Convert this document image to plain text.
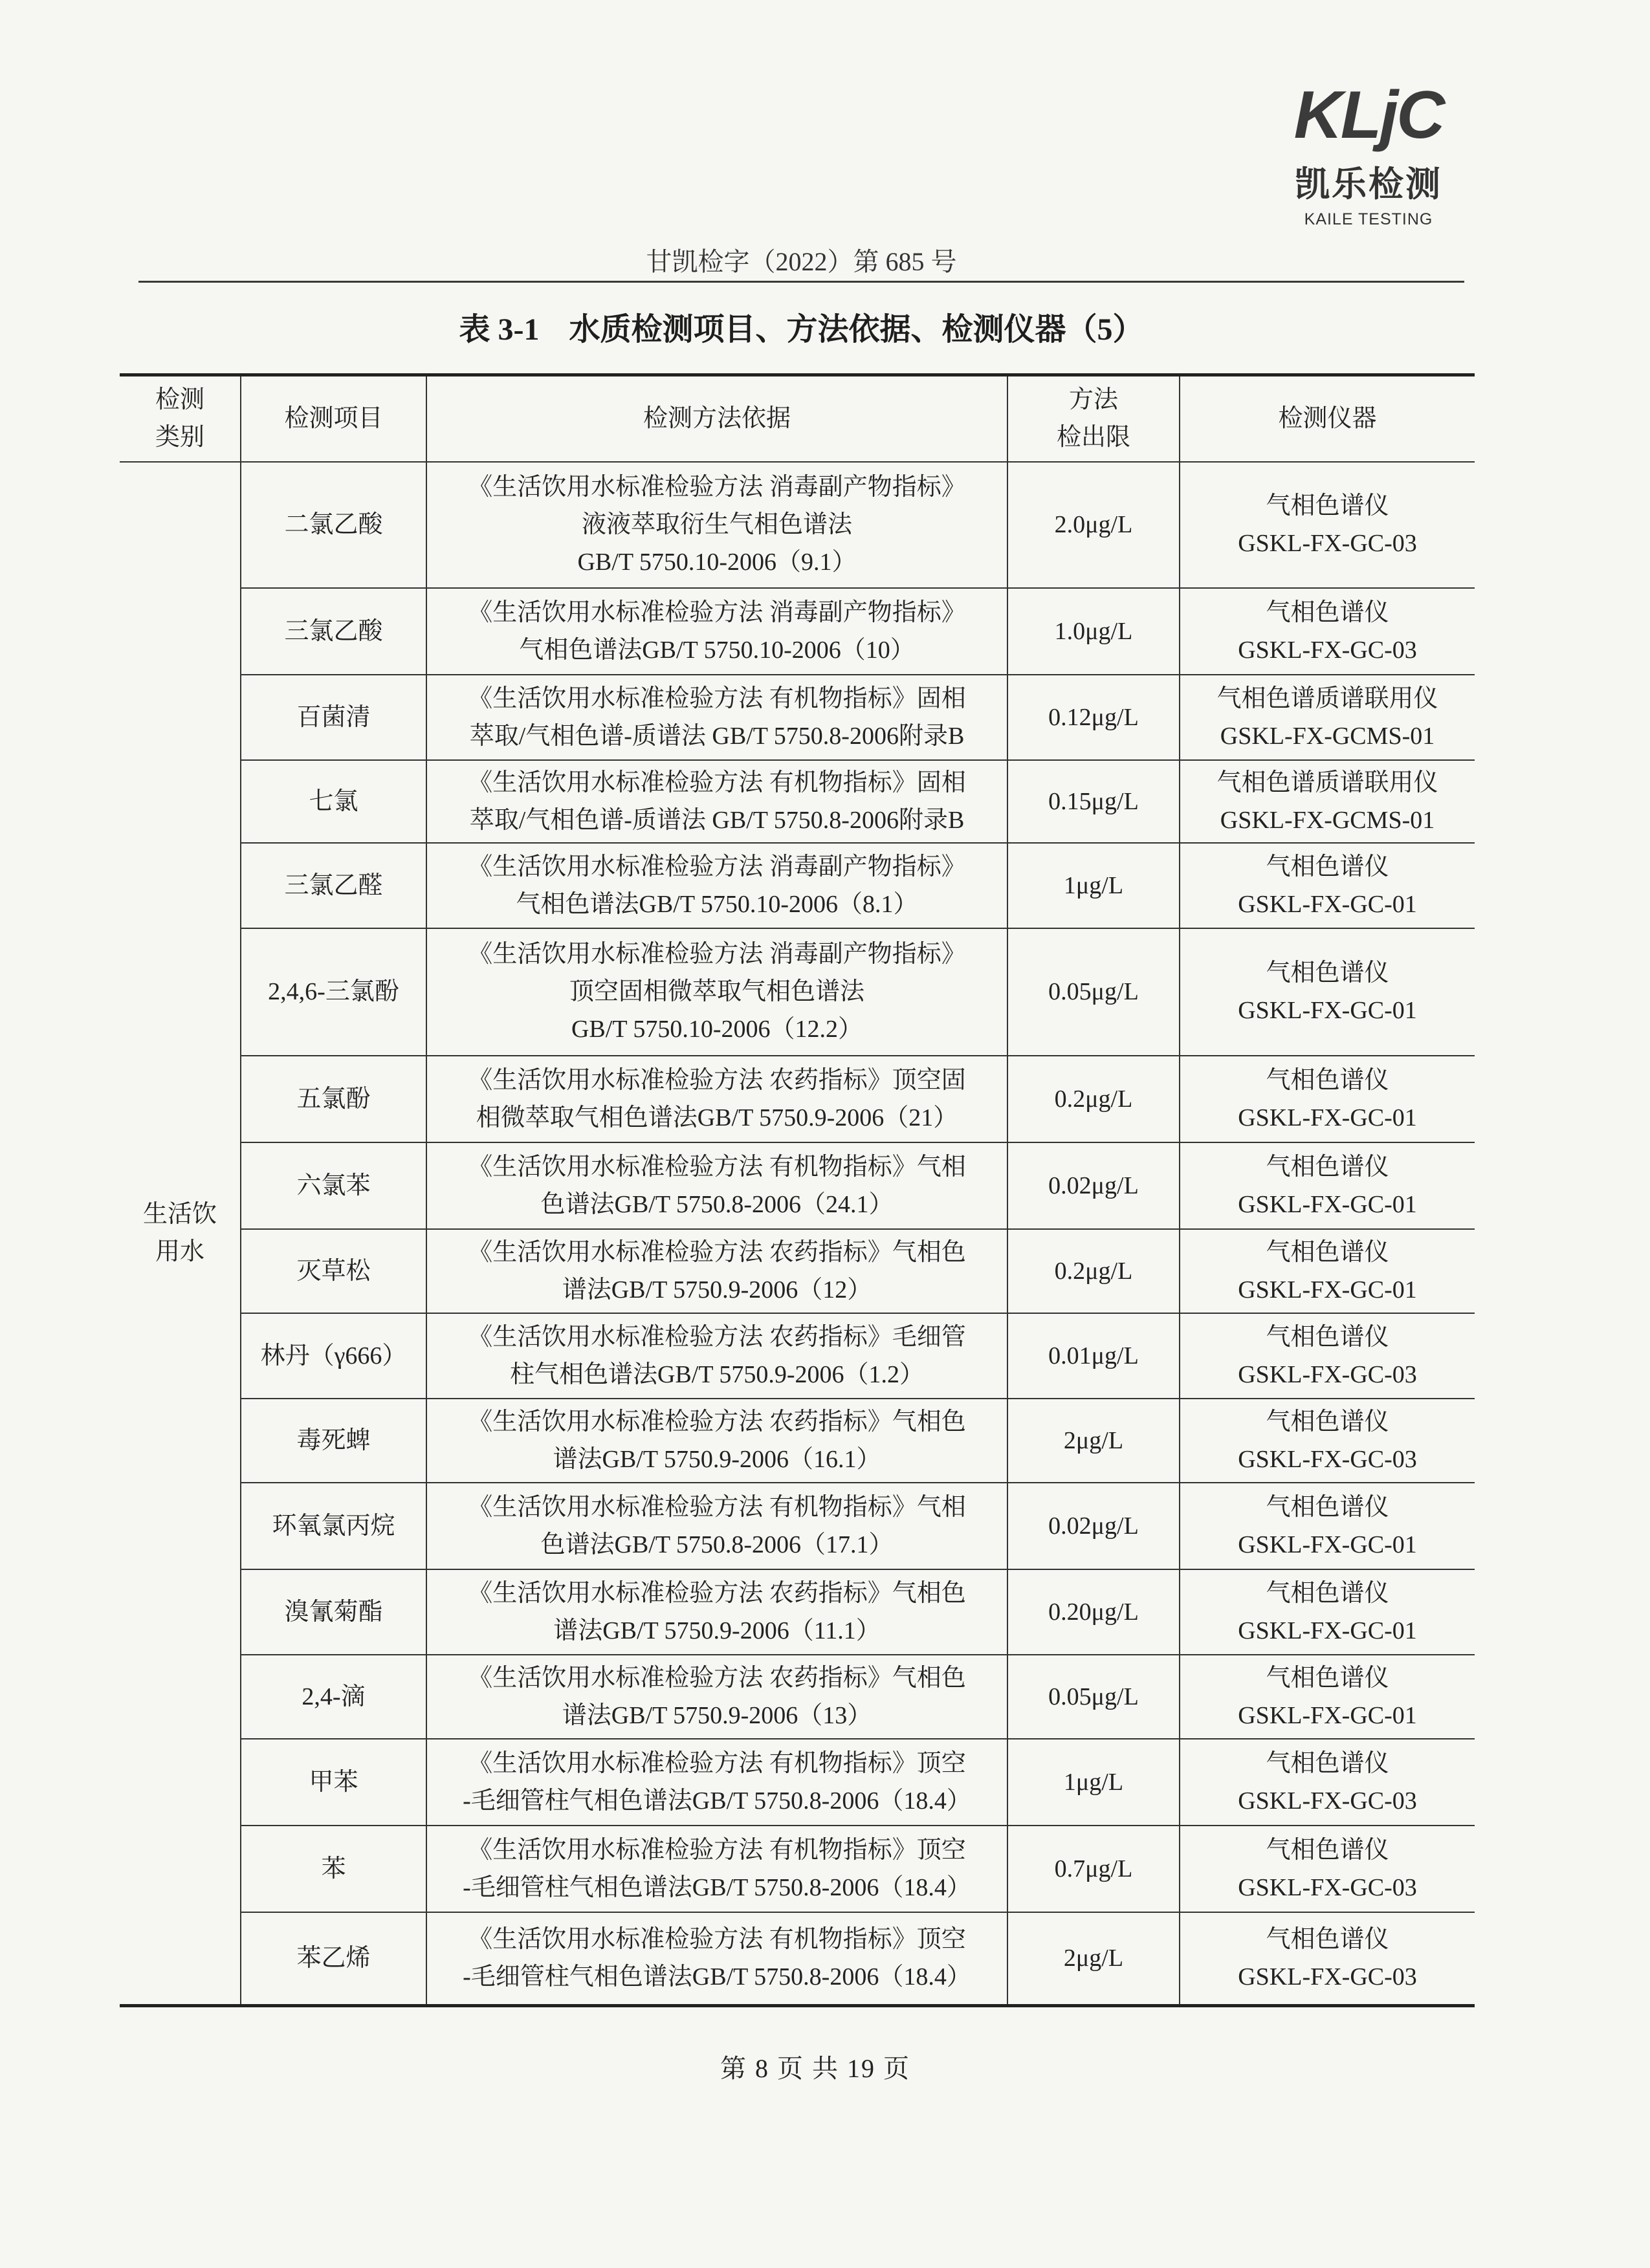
KLjC
凯乐检测
KAILE TESTING
甘凯检字（2022）第 685 号
表 3-1 水质检测项目、方法依据、检测仪器（5）
检测
类别	检测项目	检测方法依据	方法
检出限	检测仪器

生活饮
用水	二氯乙酸	《生活饮用水标准检验方法 消毒副产物指标》
液液萃取衍生气相色谱法
GB/T 5750.10-2006（9.1）	2.0μg/L	气相色谱仪
GSKL-FX-GC-03

	三氯乙酸	《生活饮用水标准检验方法 消毒副产物指标》
气相色谱法GB/T 5750.10-2006（10）	1.0μg/L	气相色谱仪
GSKL-FX-GC-03

	百菌清	《生活饮用水标准检验方法 有机物指标》固相
萃取/气相色谱-质谱法 GB/T 5750.8-2006附录B	0.12μg/L	气相色谱质谱联用仪
GSKL-FX-GCMS-01

	七氯	《生活饮用水标准检验方法 有机物指标》固相
萃取/气相色谱-质谱法 GB/T 5750.8-2006附录B	0.15μg/L	气相色谱质谱联用仪
GSKL-FX-GCMS-01

	三氯乙醛	《生活饮用水标准检验方法 消毒副产物指标》
气相色谱法GB/T 5750.10-2006（8.1）	1μg/L	气相色谱仪
GSKL-FX-GC-01

	2,4,6-三氯酚	《生活饮用水标准检验方法 消毒副产物指标》
顶空固相微萃取气相色谱法
GB/T 5750.10-2006（12.2）	0.05μg/L	气相色谱仪
GSKL-FX-GC-01

	五氯酚	《生活饮用水标准检验方法 农药指标》顶空固
相微萃取气相色谱法GB/T 5750.9-2006（21）	0.2μg/L	气相色谱仪
GSKL-FX-GC-01

	六氯苯	《生活饮用水标准检验方法 有机物指标》气相
色谱法GB/T 5750.8-2006（24.1）	0.02μg/L	气相色谱仪
GSKL-FX-GC-01

	灭草松	《生活饮用水标准检验方法 农药指标》气相色
谱法GB/T 5750.9-2006（12）	0.2μg/L	气相色谱仪
GSKL-FX-GC-01

	林丹（γ666）	《生活饮用水标准检验方法 农药指标》毛细管
柱气相色谱法GB/T 5750.9-2006（1.2）	0.01μg/L	气相色谱仪
GSKL-FX-GC-03

	毒死蜱	《生活饮用水标准检验方法 农药指标》气相色
谱法GB/T 5750.9-2006（16.1）	2μg/L	气相色谱仪
GSKL-FX-GC-03

	环氧氯丙烷	《生活饮用水标准检验方法 有机物指标》气相
色谱法GB/T 5750.8-2006（17.1）	0.02μg/L	气相色谱仪
GSKL-FX-GC-01

	溴氰菊酯	《生活饮用水标准检验方法 农药指标》气相色
谱法GB/T 5750.9-2006（11.1）	0.20μg/L	气相色谱仪
GSKL-FX-GC-01

	2,4-滴	《生活饮用水标准检验方法 农药指标》气相色
谱法GB/T 5750.9-2006（13）	0.05μg/L	气相色谱仪
GSKL-FX-GC-01

	甲苯	《生活饮用水标准检验方法 有机物指标》顶空
-毛细管柱气相色谱法GB/T 5750.8-2006（18.4）	1μg/L	气相色谱仪
GSKL-FX-GC-03

	苯	《生活饮用水标准检验方法 有机物指标》顶空
-毛细管柱气相色谱法GB/T 5750.8-2006（18.4）	0.7μg/L	气相色谱仪
GSKL-FX-GC-03

	苯乙烯	《生活饮用水标准检验方法 有机物指标》顶空
-毛细管柱气相色谱法GB/T 5750.8-2006（18.4）	2μg/L	气相色谱仪
GSKL-FX-GC-03
第 8 页 共 19 页
